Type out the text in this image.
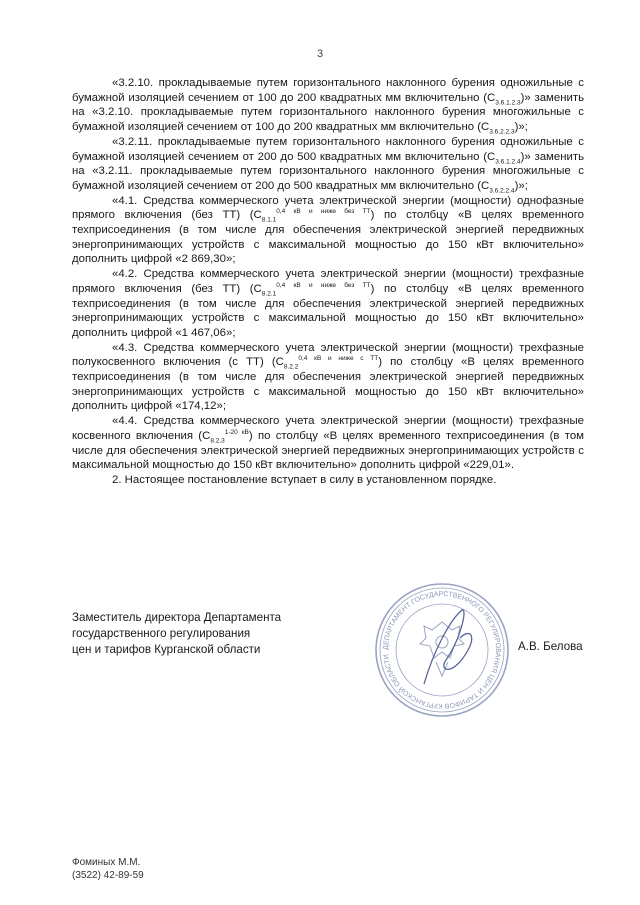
3

«3.2.10. прокладываемые путем горизонтального наклонного бурения одножильные с бумажной изоляцией сечением от 100 до 200 квадратных мм включительно $(С_{3.6.1.2.3})$» заменить на «3.2.10. прокладываемые путем горизонтального наклонного бурения многожильные с бумажной изоляцией сечением от 100 до 200 квадратных мм включительно $(С_{3.6.2.2.3})$»;

«3.2.11. прокладываемые путем горизонтального наклонного бурения одножильные с бумажной изоляцией сечением от 200 до 500 квадратных мм включительно $(С_{3.6.1.2.4})$» заменить на «3.2.11. прокладываемые путем горизонтального наклонного бурения многожильные с бумажной изоляцией сечением от 200 до 500 квадратных мм включительно $(С_{3.6.2.2.4})$»;

«4.1. Средства коммерческого учета электрической энергии (мощности) однофазные прямого включения (без ТТ) $(С_{8.1.1}^{0,4 кВ и ниже без ТТ})$ по столбцу «В целях временного техприсоединения (в том числе для обеспечения электрической энергией передвижных энергопринимающих устройств с максимальной мощностью до 150 кВт включительно» дополнить цифрой «2 869,30»;

«4.2. Средства коммерческого учета электрической энергии (мощности) трехфазные прямого включения (без ТТ) $(С_{8.2.1}^{0,4 кВ и ниже без ТТ})$ по столбцу «В целях временного техприсоединения (в том числе для обеспечения электрической энергией передвижных энергопринимающих устройств с максимальной мощностью до 150 кВт включительно» дополнить цифрой «1 467,06»;

«4.3. Средства коммерческого учета электрической энергии (мощности) трехфазные полукосвенного включения (с ТТ) $(С_{8.2.2}^{0,4 кВ и ниже с ТТ})$ по столбцу «В целях временного техприсоединения (в том числе для обеспечения электрической энергией передвижных энергопринимающих устройств с максимальной мощностью до 150 кВт включительно» дополнить цифрой «174,12»;

«4.4. Средства коммерческого учета электрической энергии (мощности) трехфазные косвенного включения $(С_{8.2.3}^{1-20 кВ})$ по столбцу «В целях временного техприсоединения (в том числе для обеспечения электрической энергией передвижных энергопринимающих устройств с максимальной мощностью до 150 кВт включительно» дополнить цифрой «229,01».

2. Настоящее постановление вступает в силу в установленном порядке.

Заместитель директора Департамента
государственного регулирования
цен и тарифов Курганской области	ДЕПАРТАМЕНТ ГОСУДАРСТВЕННОГО РЕГУЛИРОВАНИЯ ЦЕН И ТАРИФОВ КУРГАНСКОЙ ОБЛАСТИ
А.В. Белова
Фоминых М.М.
(3522) 42-89-59
